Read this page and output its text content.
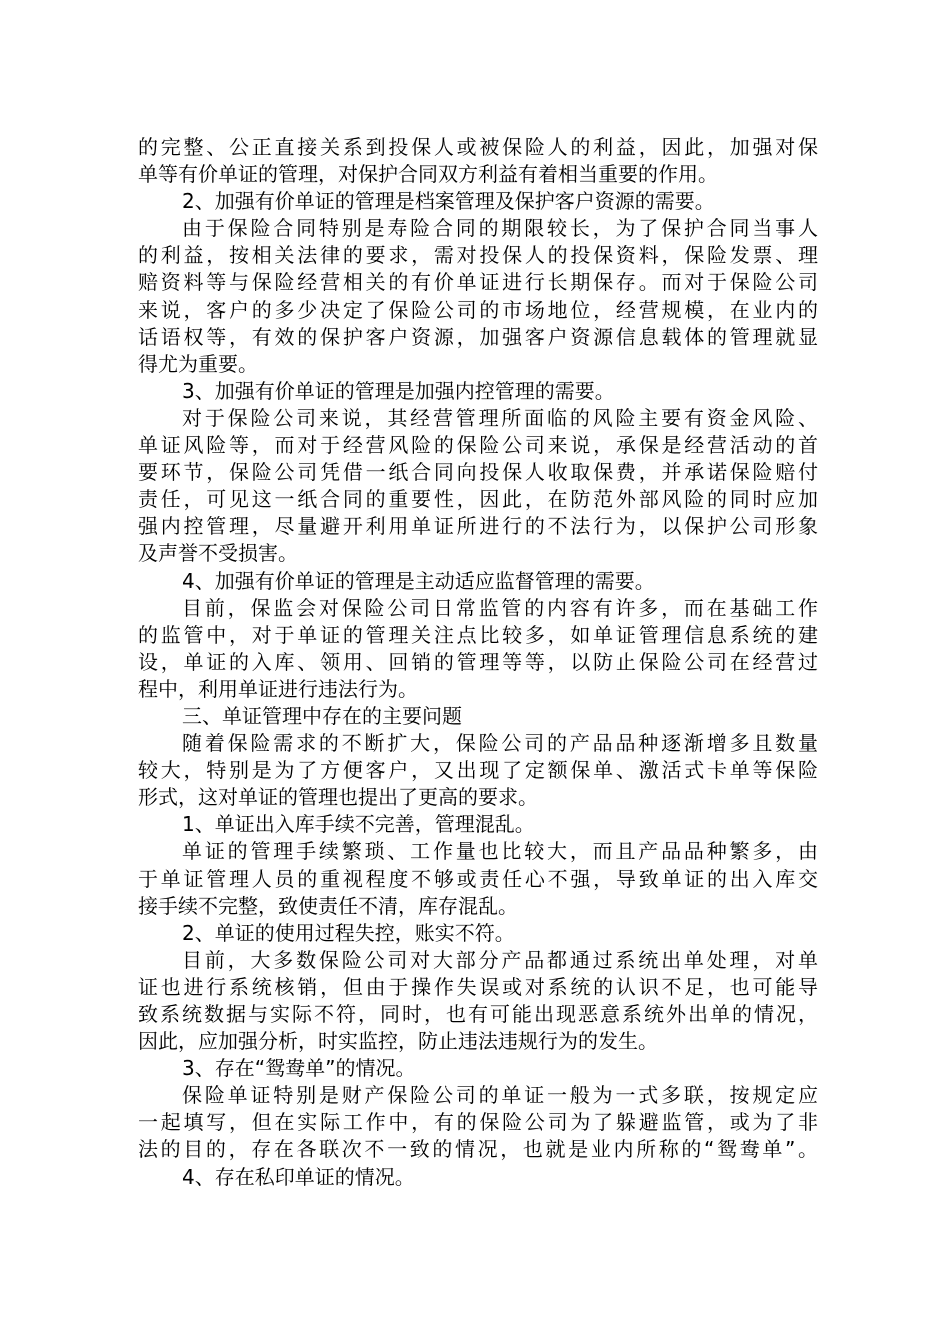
的完整、公正直接关系到投保人或被保险人的利益，因此，加强对保
单等有价单证的管理，对保护合同双方利益有着相当重要的作用。
2、加强有价单证的管理是档案管理及保护客户资源的需要。
由于保险合同特别是寿险合同的期限较长，为了保护合同当事人
的利益，按相关法律的要求，需对投保人的投保资料，保险发票、理
赔资料等与保险经营相关的有价单证进行长期保存。而对于保险公司
来说，客户的多少决定了保险公司的市场地位，经营规模，在业内的
话语权等，有效的保护客户资源，加强客户资源信息载体的管理就显
得尤为重要。
3、加强有价单证的管理是加强内控管理的需要。
对于保险公司来说，其经营管理所面临的风险主要有资金风险、
单证风险等，而对于经营风险的保险公司来说，承保是经营活动的首
要环节，保险公司凭借一纸合同向投保人收取保费，并承诺保险赔付
责任，可见这一纸合同的重要性，因此，在防范外部风险的同时应加
强内控管理，尽量避开利用单证所进行的不法行为，以保护公司形象
及声誉不受损害。
4、加强有价单证的管理是主动适应监督管理的需要。
目前，保监会对保险公司日常监管的内容有许多，而在基础工作
的监管中，对于单证的管理关注点比较多，如单证管理信息系统的建
设，单证的入库、领用、回销的管理等等，以防止保险公司在经营过
程中，利用单证进行违法行为。
三、单证管理中存在的主要问题
随着保险需求的不断扩大，保险公司的产品品种逐渐增多且数量
较大，特别是为了方便客户，又出现了定额保单、激活式卡单等保险
形式，这对单证的管理也提出了更高的要求。
1、单证出入库手续不完善，管理混乱。
单证的管理手续繁琐、工作量也比较大，而且产品品种繁多，由
于单证管理人员的重视程度不够或责任心不强，导致单证的出入库交
接手续不完整，致使责任不清，库存混乱。
2、单证的使用过程失控，账实不符。
目前，大多数保险公司对大部分产品都通过系统出单处理，对单
证也进行系统核销，但由于操作失误或对系统的认识不足，也可能导
致系统数据与实际不符，同时，也有可能出现恶意系统外出单的情况，
因此，应加强分析，时实监控，防止违法违规行为的发生。
3、存在“鸳鸯单”的情况。
保险单证特别是财产保险公司的单证一般为一式多联，按规定应
一起填写，但在实际工作中，有的保险公司为了躲避监管，或为了非
法的目的，存在各联次不一致的情况，也就是业内所称的“鸳鸯单”。
4、存在私印单证的情况。
